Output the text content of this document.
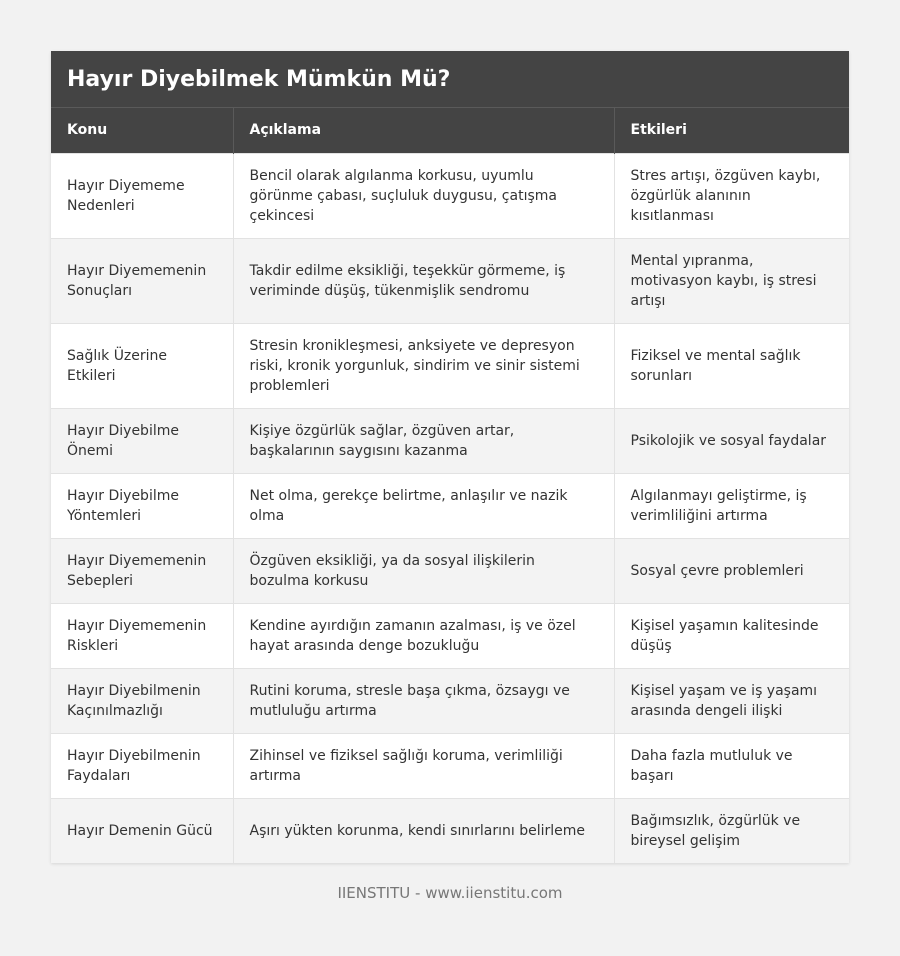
Hayır Diyebilmek Mümkün Mü?
Konu	Açıklama	Etkileri
Hayır Diyememe Nedenleri	Bencil olarak algılanma korkusu, uyumlu görünme çabası, suçluluk duygusu, çatışma çekincesi	Stres artışı, özgüven kaybı, özgürlük alanının kısıtlanması
Hayır Diyememenin Sonuçları	Takdir edilme eksikliği, teşekkür görmeme, iş veriminde düşüş, tükenmişlik sendromu	Mental yıpranma, motivasyon kaybı, iş stresi artışı
Sağlık Üzerine Etkileri	Stresin kronikleşmesi, anksiyete ve depresyon riski, kronik yorgunluk, sindirim ve sinir sistemi problemleri	Fiziksel ve mental sağlık sorunları
Hayır Diyebilme Önemi	Kişiye özgürlük sağlar, özgüven artar, başkalarının saygısını kazanma	Psikolojik ve sosyal faydalar
Hayır Diyebilme Yöntemleri	Net olma, gerekçe belirtme, anlaşılır ve nazik olma	Algılanmayı geliştirme, iş verimliliğini artırma
Hayır Diyememenin Sebepleri	Özgüven eksikliği, ya da sosyal ilişkilerin bozulma korkusu	Sosyal çevre problemleri
Hayır Diyememenin Riskleri	Kendine ayırdığın zamanın azalması, iş ve özel hayat arasında denge bozukluğu	Kişisel yaşamın kalitesinde düşüş
Hayır Diyebilmenin Kaçınılmazlığı	Rutini koruma, stresle başa çıkma, özsaygı ve mutluluğu artırma	Kişisel yaşam ve iş yaşamı arasında dengeli ilişki
Hayır Diyebilmenin Faydaları	Zihinsel ve fiziksel sağlığı koruma, verimliliği artırma	Daha fazla mutluluk ve başarı
Hayır Demenin Gücü	Aşırı yükten korunma, kendi sınırlarını belirleme	Bağımsızlık, özgürlük ve bireysel gelişim
IIENSTITU - www.iienstitu.com
